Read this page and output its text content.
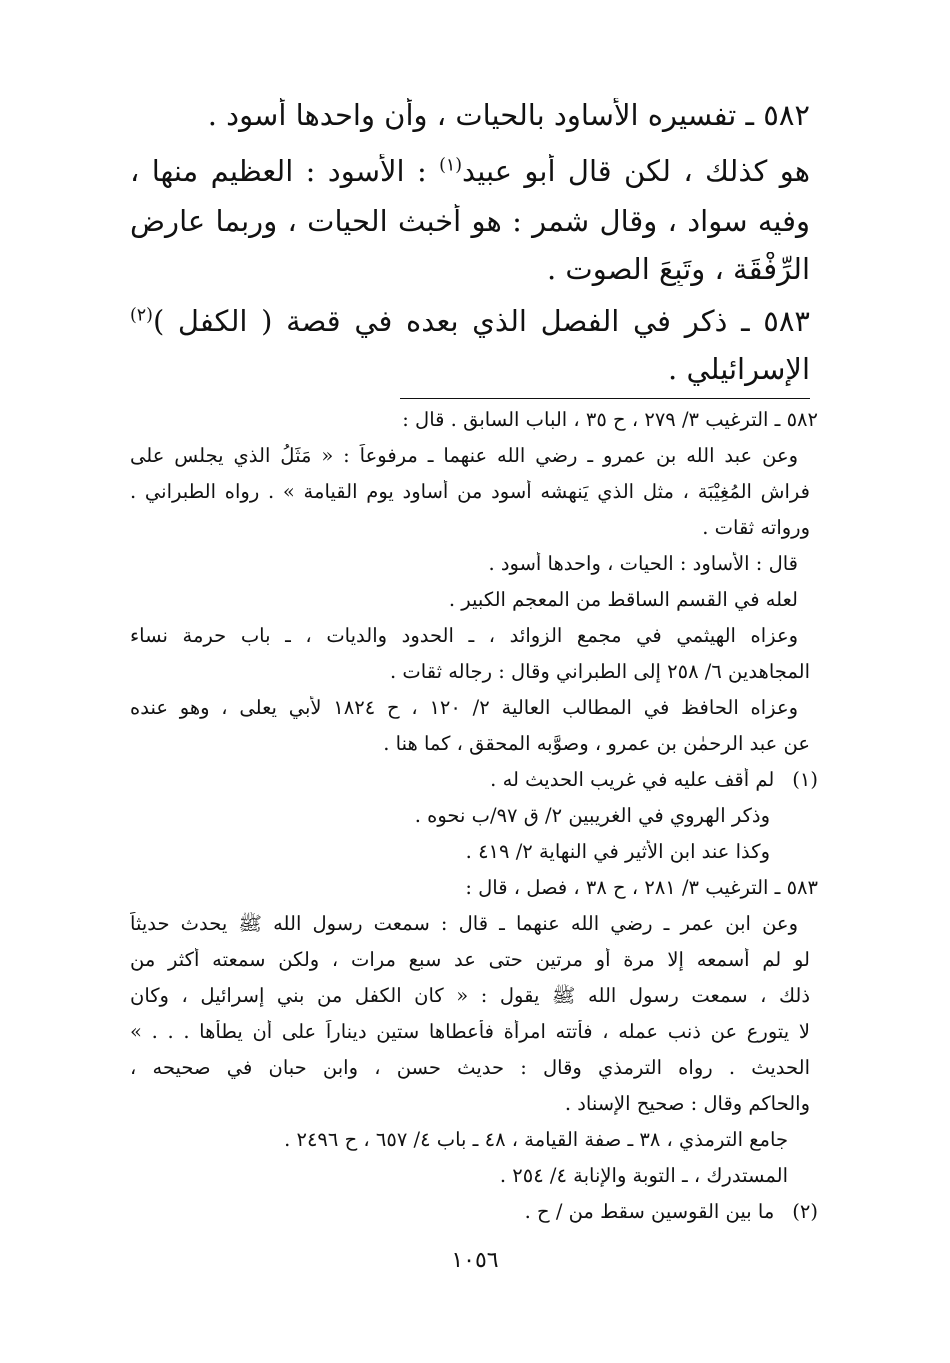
٥٨٢ ـ تفسيره الأساود بالحيات ، وأن واحدها أسود .
هو كذلك ، لكن قال أبو عبيد$^{(١)}$ : الأسود : العظيم منها ،
وفيه سواد ، وقال شمر : هو أخبث الحيات ، وربما عارض
الرِّفْقَة ، وتَبِعَ الصوت .
٥٨٣ ـ ذكر في الفصل الذي بعده في قصة ( الكفل )$^{(٢)}$
الإسرائيلي .
٥٨٢ ـ الترغيب ٣/ ٢٧٩ ، ح ٣٥ ، الباب السابق . قال :
وعن عبد الله بن عمرو ـ رضي الله عنهما ـ مرفوعاً : « مَثَلُ الذي يجلس على
فراش المُغِيْبَة ، مثل الذي يَنهشه أسود من أساود يوم القيامة » . رواه الطبراني .
ورواته ثقات .
قال : الأساود : الحيات ، واحدها أسود .
لعله في القسم الساقط من المعجم الكبير .
وعزاه الهيثمي في مجمع الزوائد ، ـ الحدود والديات ، ـ باب حرمة نساء
المجاهدين ٦/ ٢٥٨ إلى الطبراني وقال : رجاله ثقات .
وعزاه الحافظ في المطالب العالية ٢/ ١٢٠ ، ح ١٨٢٤ لأبي يعلى ، وهو عنده
عن عبد الرحمٰن بن عمرو ، وصوَّبه المحقق ، كما هنا .
(١)لم أقف عليه في غريب الحديث له .
وذكر الهروي في الغريبين ٢/ ق ٩٧/ب نحوه .
وكذا عند ابن الأثير في النهاية ٢/ ٤١٩ .
٥٨٣ ـ الترغيب ٣/ ٢٨١ ، ح ٣٨ ، فصل ، قال :
وعن ابن عمر ـ رضي الله عنهما ـ قال : سمعت رسول الله ﷺ يحدث حديثاً
لو لم أسمعه إلا مرة أو مرتين حتى عد سبع مرات ، ولكن سمعته أكثر من
ذلك ، سمعت رسول الله ﷺ يقول : « كان الكفل من بني إسرائيل ، وكان
لا يتورع عن ذنب عمله ، فأتته امرأة فأعطاها ستين ديناراً على أن يطأها . . . »
الحديث . رواه الترمذي وقال : حديث حسن ، وابن حبان في صحيحه ،
والحاكم وقال : صحيح الإسناد .
جامع الترمذي ، ٣٨ ـ صفة القيامة ، ٤٨ ـ باب ٤/ ٦٥٧ ، ح ٢٤٩٦ .
المستدرك ، ـ التوبة والإنابة ٤/ ٢٥٤ .
(٢)ما بين القوسين سقط من / ح .
١٠٥٦
